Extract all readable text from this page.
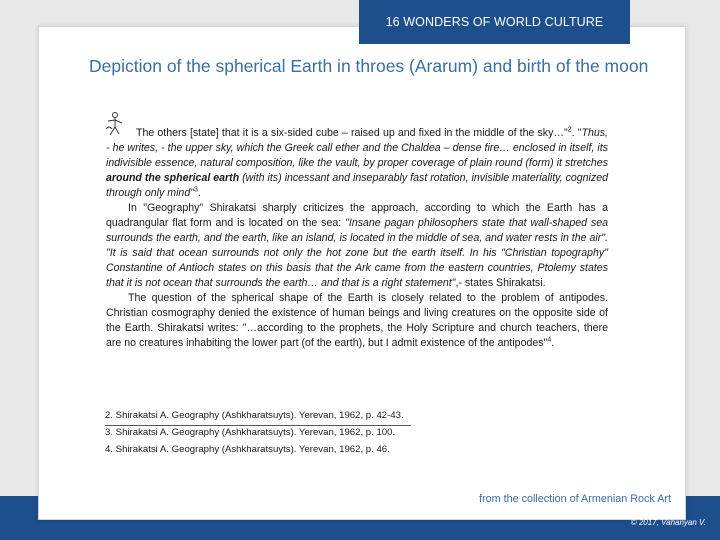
16 WONDERS OF WORLD CULTURE
Depiction of the spherical Earth in throes (Ararum) and birth of the moon

The others [state] that it is a six-sided cube – raised up and fixed in the middle of the sky…"$^2$. "Thus, - he writes, - the upper sky, which the Greek call ether and the Chaldea – dense fire… enclosed in itself, its indivisible essence, natural composition, like the vault, by proper coverage of plain round (form) it stretches around the spherical earth (with its) incessant and inseparably fast rotation, invisible materiality, cognized through only mind"$^3$.

In "Geography" Shirakatsi sharply criticizes the approach, according to which the Earth has a quadrangular flat form and is located on the sea: "Insane pagan philosophers state that wall-shaped sea surrounds the earth, and the earth, like an island, is located in the middle of sea, and water rests in the air". "It is said that ocean surrounds not only the hot zone but the earth itself. In his "Christian topography" Constantine of Antioch states on this basis that the Ark came from the eastern countries, Ptolemy states that it is not ocean that surrounds the earth… and that is a right statement",- states Shirakatsi.

The question of the spherical shape of the Earth is closely related to the problem of antipodes. Christian cosmography denied the existence of human beings and living creatures on the opposite side of the Earth. Shirakatsi writes: "…according to the prophets, the Holy Scripture and church teachers, there are no creatures inhabiting the lower part (of the earth), but I admit existence of the antipodes"$^4$.

2. Shirakatsi A. Geography (Ashkharatsuyts). Yerevan, 1962, p. 42-43.
3. Shirakatsi A. Geography (Ashkharatsuyts). Yerevan, 1962, p. 100.
4. Shirakatsi A. Geography (Ashkharatsuyts). Yerevan, 1962, p. 46.
from the collection of Armenian Rock Art
© 2017, Vahanyan V.
